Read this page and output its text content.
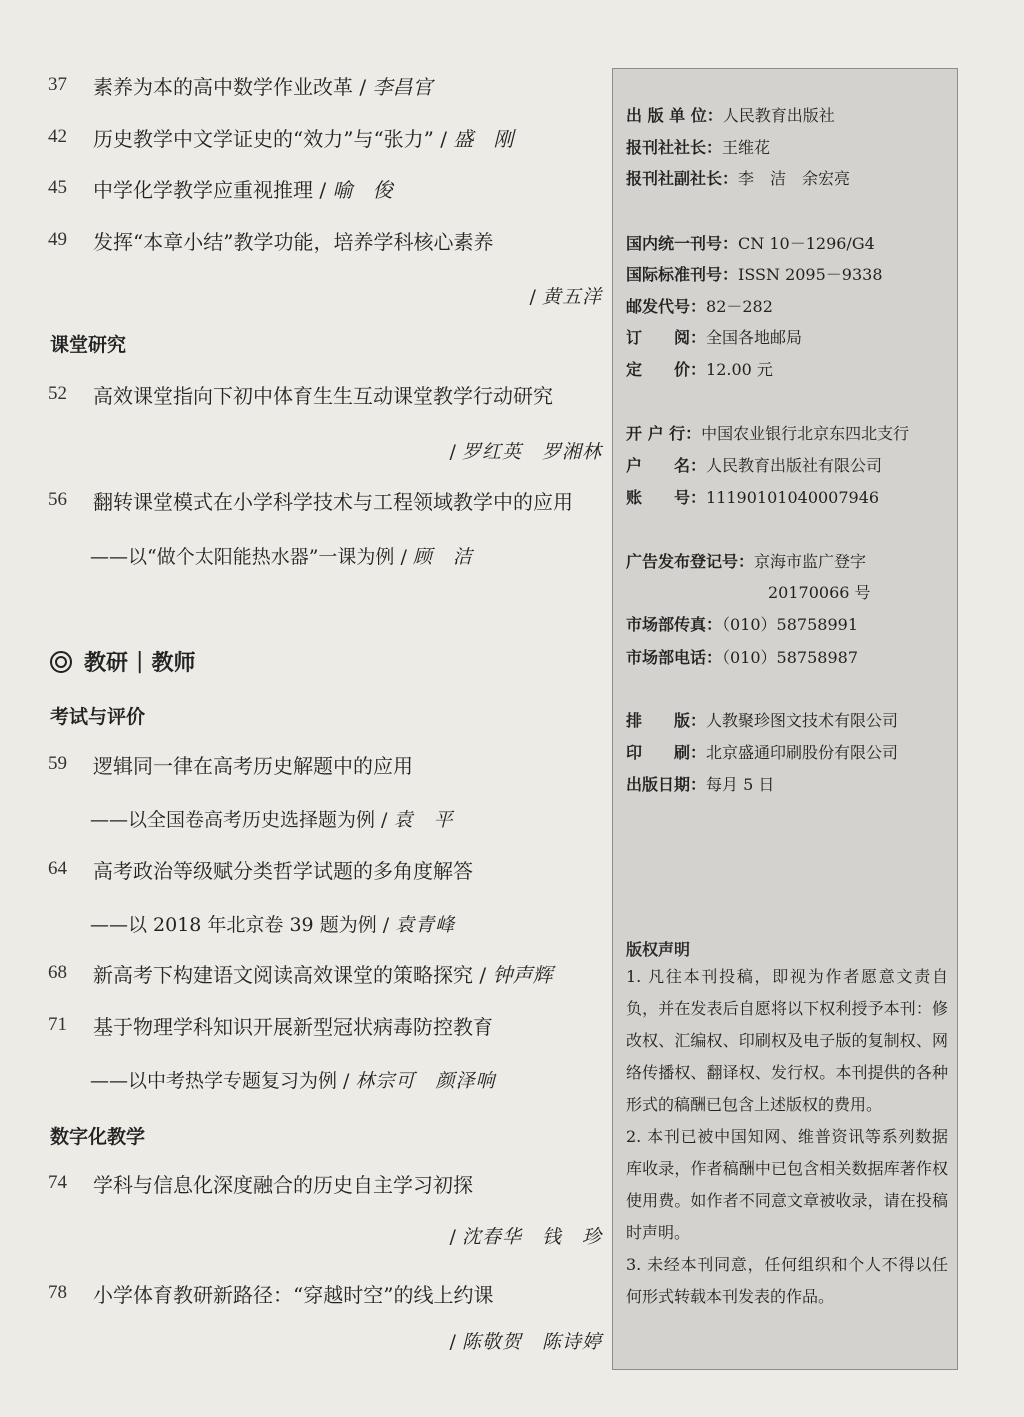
37	素养为本的高中数学作业改革 / 李昌官
42	历史教学中文学证史的“效力”与“张力” / 盛　刚
45	中学化学教学应重视推理 / 喻　俊
49	发挥“本章小结”教学功能，培养学科核心素养
/ 黄五洋
课堂研究
52	高效课堂指向下初中体育生生互动课堂教学行动研究
/ 罗红英　罗湘林
56	翻转课堂模式在小学科学技术与工程领域教学中的应用
——以“做个太阳能热水器”一课为例 / 顾　洁
教研 | 教师
考试与评价
59	逻辑同一律在高考历史解题中的应用
——以全国卷高考历史选择题为例 / 袁　平
64	高考政治等级赋分类哲学试题的多角度解答
——以 2018 年北京卷 39 题为例 / 袁青峰
68	新高考下构建语文阅读高效课堂的策略探究 / 钟声辉
71	基于物理学科知识开展新型冠状病毒防控教育
——以中考热学专题复习为例 / 林宗可　颜泽响
数字化教学
74	学科与信息化深度融合的历史自主学习初探
/ 沈春华　钱　珍
78	小学体育教研新路径：“穿越时空”的线上约课
/ 陈敬贺　陈诗婷
出 版 单 位：人民教育出版社
报刊社社长：王维花
报刊社副社长：李　洁　余宏亮
国内统一刊号：CN 10－1296/G4
国际标准刊号：ISSN 2095－9338
邮发代号：82－282
订　　阅：全国各地邮局
定　　价：12.00 元
开 户 行：中国农业银行北京东四北支行
户　　名：人民教育出版社有限公司
账　　号：11190101040007946
广告发布登记号：京海市监广登字
20170066 号
市场部传真：（010）58758991
市场部电话：（010）58758987
排　　版：人教聚珍图文技术有限公司
印　　刷：北京盛通印刷股份有限公司
出版日期：每月 5 日
版权声明

1. 凡往本刊投稿，即视为作者愿意文责自负，并在发表后自愿将以下权利授予本刊：修改权、汇编权、印刷权及电子版的复制权、网络传播权、翻译权、发行权。本刊提供的各种形式的稿酬已包含上述版权的费用。

2. 本刊已被中国知网、维普资讯等系列数据库收录，作者稿酬中已包含相关数据库著作权使用费。如作者不同意文章被收录，请在投稿时声明。

3. 未经本刊同意，任何组织和个人不得以任何形式转载本刊发表的作品。
